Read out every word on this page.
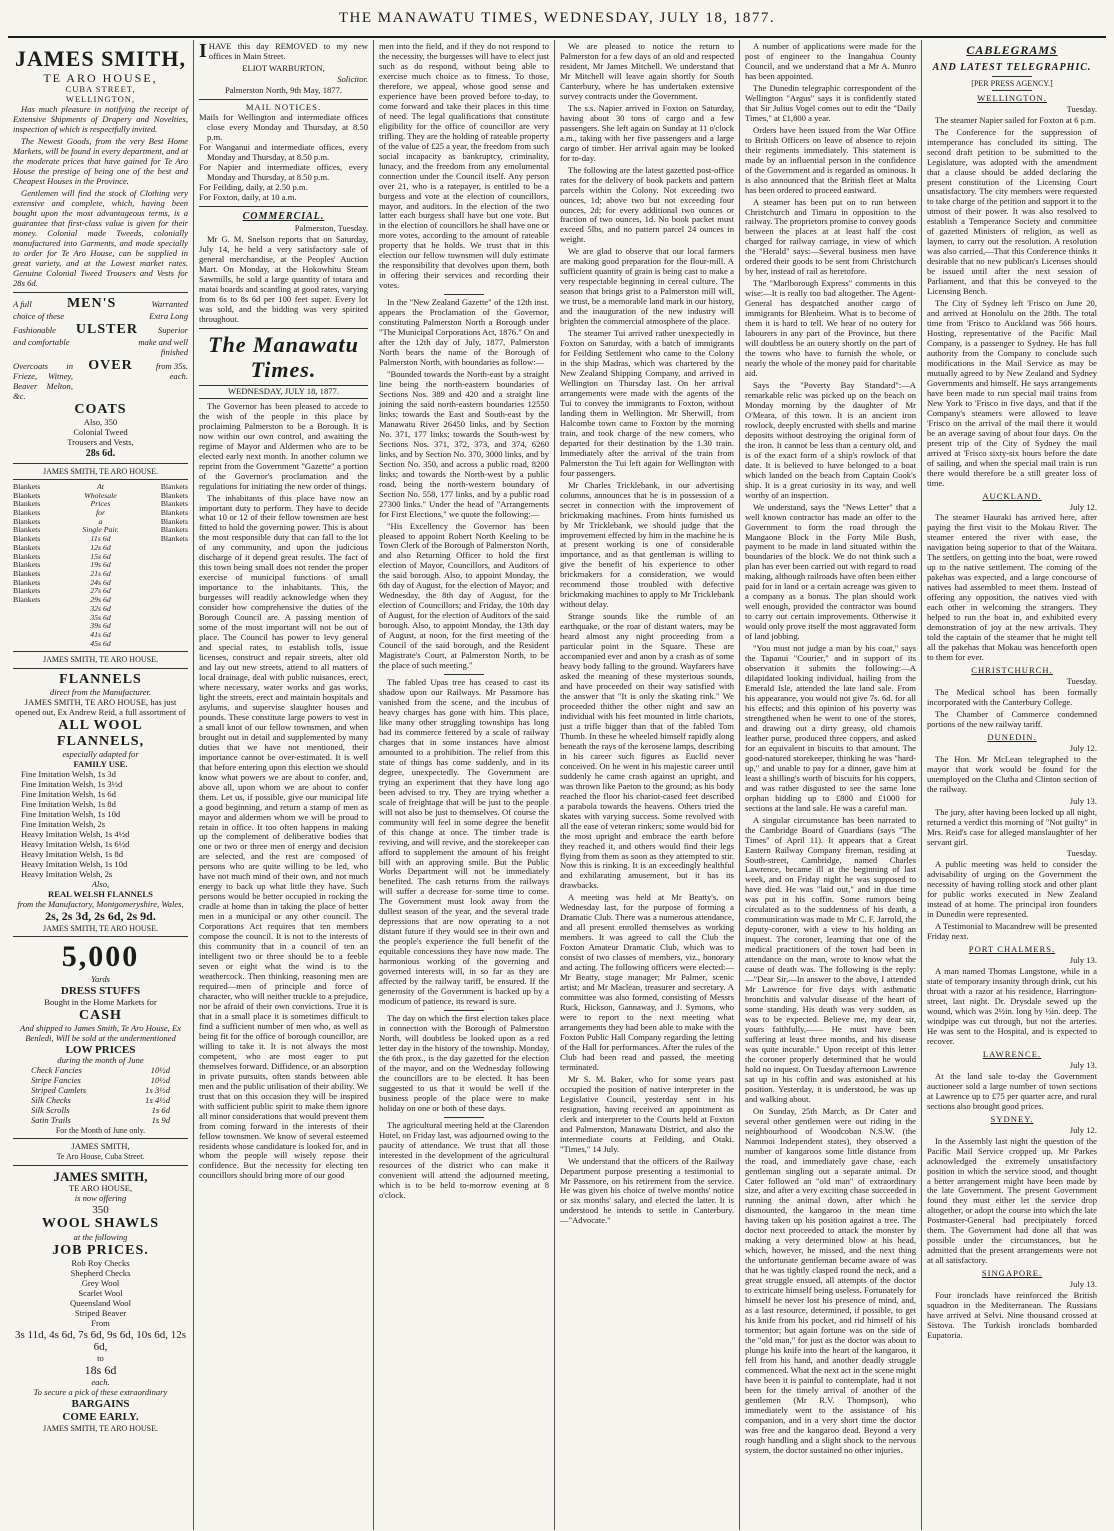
THE MANAWATU TIMES, WEDNESDAY, JULY 18, 1877.
JAMES SMITH,
TE ARO HOUSE,
CUBA STREET,
WELLINGTON,

Has much pleasure in notifying the receipt of Extensive Shipments of Drapery and Novelties, inspection of which is respectfully invited.

The Newest Goods, from the very Best Home Markets, will be found in every department, and at the moderate prices that have gained for Te Aro House the prestige of being one of the best and Cheapest Houses in the Province.

Gentlemen will find the stock of Clothing very extensive and complete, which, having been bought upon the most advantageous terms, is a guarantee that first-class value is given for their money. Colonial made Tweeds, colonially manufactured into Garments, and made specially to order for Te Aro House, can be supplied in great variety, and at the Lowest market rates. Genuine Colonial Tweed Trousers and Vests for 28s 6d.

A full	MEN'S	Warranted
choice of these	Extra Long
Fashionable ULSTER Superior
and comfortable	make and well finished
Overcoats in Frieze, Witney, Beaver Melton, &c.
OVER	from 35s. each.
COATS
Also, 350
Colonial Tweed
Trousers and Vests,
28s 6d.
JAMES SMITH, TE ARO HOUSE.
Blankets
Blankets
Blankets
Blankets
Blankets
Blankets
Blankets
Blankets
Blankets
Blankets
Blankets
Blankets
Blankets
Blankets
At
Wholesale
Prices
for
a
Single Pair.
11s 6d
12s 6d
15s 6d
19s 6d
21s 6d
24s 6d
27s 6d
29s 6d
32s 6d
35s 6d
39s 6d
41s 6d
45s 6d
Blankets
Blankets
Blankets
Blankets
Blankets
Blankets
Blankets
JAMES SMITH, TE ARO HOUSE.
FLANNELS
direct from the Manufacturer.
JAMES SMITH, TE ARO HOUSE, has just opened out, Ex Andrew Reid, a full assortment of
ALL WOOL FLANNELS,
especially adapted for
FAMILY USE.
Fine Imitation Welsh, 1s 3d
Fine Imitation Welsh, 1s 3½d
Fine Imitation Welsh, 1s 6d
Fine Imitation Welsh, 1s 8d
Fine Imitation Welsh, 1s 10d
Fine Imitation Welsh, 2s
Heavy Imitation Welsh, 1s 4½d
Heavy Imitation Welsh, 1s 6½d
Heavy Imitation Welsh, 1s 8d
Heavy Imitation Welsh, 1s 10d
Heavy Imitation Welsh, 2s
Also,
REAL WELSH FLANNELS
from the Manufactory, Montgomeryshire, Wales,
2s, 2s 3d, 2s 6d, 2s 9d.
JAMES SMITH, TE ARO HOUSE.
5,000
Yards
DRESS STUFFS
Bought in the Home Markets for
CASH
And shipped to James Smith, Te Aro House, Ex Benledi, Will be sold at the undermentioned
LOW PRICES
during the month of June
Check Fancies	10½d
Stripe Fancies	10½d
Striped Camlets	1s 3½d
Silk Checks	1s 4½d
Silk Scrolls	1s 6d
Satin Trails	1s 9d
For the Month of June only.
JAMES SMITH,
Te Aro House, Cuba Street.
JAMES SMITH,
TE ARO HOUSE,
is now offering
350
WOOL SHAWLS
at the following
JOB PRICES.
Rob Roy Checks
Shepherd Checks
Grey Wool
Scarlet Wool
Queensland Wool
Striped Beaver
From
3s 11d, 4s 6d, 7s 6d, 9s 6d, 10s 6d, 12s 6d,
to
18s 6d
each.
To secure a pick of these extraordinary
BARGAINS
COME EARLY.
JAMES SMITH, TE ARO HOUSE.

IHAVE this day REMOVED to my new offices in Main Street.

ELIOT WARBURTON,
Solicitor.
Palmerston North, 9th May, 1877.
MAIL NOTICES.
Mails for Wellington and intermediate offices close every Monday and Thursday, at 8.50 p.m.
For Wanganui and intermediate offices, every Monday and Thursday, at 8.50 p.m.
For Napier and intermediate offices, every Monday and Thursday, at 8.50 p.m.
For Feilding, daily, at 2.50 p.m.
For Foxton, daily, at 10 a.m.
COMMERCIAL.
Palmerston, Tuesday.

Mr G. M. Snelson reports that on Saturday, July 14, he held a very satisfactory sale of general merchandise, at the Peoples' Auction Mart. On Monday, at the Hokowhitu Steam Sawmills, he sold a large quantity of totara and matai boards and scantling at good rates, varying from 6s to 8s 6d per 100 feet super. Every lot was sold, and the bidding was very spirited throughout.

The Manawatu Times.
WEDNESDAY, JULY 18, 1877.

The Governor has been pleased to accede to the wish of the people in this place by proclaiming Palmerston to be a Borough. It is now within our own control, and awaiting the regime of Mayor and Aldermen who are to be elected early next month. In another column we reprint from the Government "Gazette" a portion of the Governor's proclamation and the regulations for initiating the new order of things.

The inhabitants of this place have now an important duty to perform. They have to decide what 10 or 12 of their fellow townsmen are best fitted to hold the governing power. This is about the most responsible duty that can fall to the lot of any community, and upon the judicious discharge of it depend great results. The fact of this town being small does not render the proper exercise of municipal functions of small importance to the inhabitants. This, the burgesses will readily acknowledge when they consider how comprehensive the duties of the Borough Council are. A passing mention of some of the most important will not be out of place. The Council has power to levy general and special rates, to establish tolls, issue licenses, construct and repair streets, alter old and lay out new streets, attend to all matters of local drainage, deal with public nuisances, erect, where necessary, water works and gas works, light the streets, erect and maintain hospitals and asylums, and supervise slaughter houses and pounds. These constitute large powers to vest in a small knot of our fellow townsmen, and when brought out in detail and supplemented by many duties that we have not mentioned, their importance cannot be over-estimated. It is well that before entering upon this election we should know what powers we are about to confer, and, above all, upon whom we are about to confer them. Let us, if possible, give our municipal life a good beginning, and return a stamp of men as mayor and aldermen whom we will be proud to retain in office. It too often happens in making up the complement of deliberative bodies that one or two or three men of energy and decision are selected, and the rest are composed of persons who are quite willing to be led, who have not much mind of their own, and not much energy to back up what little they have. Such persons would be better occupied in rocking the cradle at home than in taking the place of better men in a municipal or any other council. The Corporations Act requires that ten members compose the council. It is not to the interests of this community that in a council of ten an intelligent two or three should be to a feeble seven or eight what the wind is to the weathercock. Then thinking, reasoning men are required—men of principle and force of character, who will neither truckle to a prejudice, nor be afraid of their own convictions. True it is that in a small place it is sometimes difficult to find a sufficient number of men who, as well as being fit for the office of borough councillor, are willing to take it. It is not always the most competent, who are most eager to put themselves forward. Diffidence, or an absorption in private pursuits, often stands between able men and the public utilisation of their ability. We trust that on this occasion they will be inspired with sufficient public spirit to make them ignore all minor considerations that would prevent them from coming forward in the interests of their fellow townsmen. We know of several esteemed residents whose candidature is looked for, and in whom the people will wisely repose their confidence. But the necessity for electing ten councillors should bring more of our good

men into the field, and if they do not respond to the necessity, the burgesses will have to elect just such as do respond, without being able to exercise much choice as to fitness. To those, therefore, we appeal, whose good sense and experience have been proved before to-day, to come forward and take their places in this time of need. The legal qualifications that constitute eligibility for the office of councillor are very trifling. They are the holding of rateable property of the value of £25 a year, the freedom from such social incapacity as bankruptcy, criminality, lunacy, and the freedom from any emolumental connection under the Council itself. Any person over 21, who is a ratepayer, is entitled to be a burgess and vote at the election of councillors, mayor, and auditors. In the election of the two latter each burgess shall have but one vote. But in the election of councillors he shall have one or more votes, according to the amount of rateable property that he holds. We trust that in this election our fellow townsmen will duly estimate the responsibility that devolves upon them, both in offering their services and recording their votes.

In the "New Zealand Gazette" of the 12th inst. appears the Proclamation of the Governor, constituting Palmerston North a Borough under "The Municipal Corporations Act, 1876." On and after the 12th day of July, 1877, Palmerston North bears the name of the Borough of Palmerston North, with boundaries as follow:—

"Bounded towards the North-east by a straight line being the north-eastern boundaries of Sections Nos. 389 and 420 and a straight line joining the said north-eastern boundaries 12550 links; towards the East and South-east by the Manawatu River 26450 links, and by Section No. 371, 177 links; towards the South-west by Sections Nos. 371, 372, 373, and 374, 6260 links, and by Section No. 370, 3000 links, and by Section No. 350, and across a public road, 8200 links; and towards the North-west by a public road, being the north-western boundary of Section No. 558, 177 links, and by a public road 27300 links." Under the head of "Arrangements for First Elections," we quote the following:—

"His Excellency the Governor has been pleased to appoint Robert North Keeling to be Town Clerk of the Borough of Palmerston North, and also Returning Officer to hold the first election of Mayor, Councillors, and Auditors of the said borough. Also, to appoint Monday, the 6th day of August, for the election of Mayor; and Wednesday, the 8th day of August, for the election of Councillors; and Friday, the 10th day of August, for the election of Auditors of the said borough. Also, to appoint Monday, the 13th day of August, at noon, for the first meeting of the Council of the said borough, and the Resident Magistrate's Court, at Palmerston North, to be the place of such meeting."

The fabled Upas tree has ceased to cast its shadow upon our Railways. Mr Passmore has vanished from the scene, and the incubus of heavy charges has gone with him. This place, like many other struggling townships has long had its commerce fettered by a scale of railway charges that in some instances have almost amounted to a prohibition. The relief from this state of things has come suddenly, and in its degree, unexpectedly. The Government are trying an experiment that they have long ago been advised to try. They are trying whether a scale of freightage that will be just to the people will not also be just to themselves. Of course the community will feel in some degree the benefit of this change at once. The timber trade is reviving, and will revive, and the storekeeper can afford to supplement the amount of his freight bill with an approving smile. But the Public Works Department will not be immediately benefited. The cash returns from the railways will suffer a decrease for some time to come. The Government must look away from the dullest season of the year, and the several trade depressions that are now operating to a not distant future if they would see in their own and the people's experience the full benefit of the equitable concessions they have now made. The harmonious working of the governing and governed interests will, in so far as they are affected by the railway tariff, be ensured. If the generosity of the Government is backed up by a modicum of patience, its reward is sure.

The day on which the first election takes place in connection with the Borough of Palmerston North, will doubtless be looked upon as a red letter day in the history of the township. Monday, the 6th prox., is the day gazetted for the election of the mayor, and on the Wednesday following the councillors are to be elected. It has been suggested to us that it would be well if the business people of the place were to make holiday on one or both of these days.

The agricultural meeting held at the Clarendon Hotel, on Friday last, was adjourned owing to the paucity of attendance. We trust that all those interested in the development of the agricultural resources of the district who can make it convenient will attend the adjourned meeting, which is to be held to-morrow evening at 8 o'clock.

We are pleased to notice the return to Palmerston for a few days of an old and respected resident, Mr James Mitchell. We understand that Mr Mitchell will leave again shortly for South Canterbury, where he has undertaken extensive survey contracts under the Government.

The s.s. Napier arrived in Foxton on Saturday, having about 30 tons of cargo and a few passengers. She left again on Sunday at 11 o'clock a.m., taking with her five passengers and a large cargo of timber. Her arrival again may be looked for to-day.

The following are the latest gazetted post-office rates for the delivery of book packets and pattern parcels within the Colony. Not exceeding two ounces, 1d; above two but not exceeding four ounces, 2d; for every additional two ounces or fraction of two ounces, 1d. No book packet must exceed 5lbs, and no pattern parcel 24 ounces in weight.

We are glad to observe that our local farmers are making good preparation for the flour-mill. A sufficient quantity of grain is being cast to make a very respectable beginning in cereal culture. The season that brings grist to a Palmerston mill will, we trust, be a memorable land mark in our history, and the inauguration of the new industry will brighten the commercial atmosphere of the place.

The steamer Tui arrived rather unexpectedly in Foxton on Saturday, with a batch of immigrants for Feilding Settlement who came to the Colony in the ship Madras, which was chartered by the New Zealand Shipping Company, and arrived in Wellington on Thursday last. On her arrival arrangements were made with the agents of the Tui to convey the immigrants to Foxton, without landing them in Wellington. Mr Sherwill, from Halcombe town came to Foxton by the morning train, and took charge of the new comers, who departed for their destination by the 1.30 train. Immediately after the arrival of the train from Palmerston the Tui left again for Wellington with four passengers.

Mr Charles Tricklebank, in our advertising columns, announces that he is in possession of a secret in connection with the improvement of brickmaking machines. From hints furnished us by Mr Tricklebank, we should judge that the improvement effected by him in the machine he is at present working is one of considerable importance, and as that gentleman is willing to give the benefit of his experience to other brickmakers for a consideration, we would recommend those troubled with defective brickmaking machines to apply to Mr Tricklebank without delay.

Strange sounds like the rumble of an earthquake, or the roar of distant waters, may be heard almost any night proceeding from a particular point in the Square. These are accompanied ever and anon by a crash as of some heavy body falling to the ground. Wayfarers have asked the meaning of these mysterious sounds, and have proceeded on their way satisfied with the answer that "It is only the skating rink." We proceeded thither the other night and saw an individual with his feet mounted in little chariots, just a trifle bigger than that of the fabled Tom Thumb. In these he wheeled himself rapidly along beneath the rays of the kerosene lamps, describing in his career such figures as Euclid never conceived. On he went in his majestic career until suddenly he came crash against an upright, and was thrown like Paeton to the ground; as his body reached the floor his chariot-cased feet described a parabola towards the heavens. Others tried the skates with varying success. Some revolved with all the ease of veteran rinkers; some would bid for the most upright and embrace the earth before they reached it, and others would find their legs flying from them as soon as they attempted to stir. Now this is rinking. It is an exceedingly healthful and exhilarating amusement, but it has its drawbacks.

A meeting was held at Mr Beatty's, on Wednesday last, for the purpose of forming a Dramatic Club. There was a numerous attendance, and all present enrolled themselves as working members. It was agreed to call the Club the Foxton Amateur Dramatic Club, which was to consist of two classes of members, viz., honorary and acting. The following officers were elected:—Mr Beatty, stage manager; Mr Palmer, scenic artist; and Mr Maclean, treasurer and secretary. A committee was also formed, consisting of Messrs Ruck, Hickson, Gannaway, and J. Symons, who were to report to the next meeting what arrangements they had been able to make with the Foxton Public Hall Company regarding the letting of the Hall for performances. After the rules of the Club had been read and passed, the meeting terminated.

Mr S. M. Baker, who for some years past occupied the position of native interpreter in the Legislative Council, yesterday sent in his resignation, having received an appointment as clerk and interpreter to the Courts held at Foxton and Palmerston, Manawatu District, and also the intermediate courts at Feilding, and Otaki. "Times," 14 July.

We understand that the officers of the Railway Department purpose presenting a testimonial to Mr Passmore, on his retirement from the service. He was given his choice of twelve months' notice or six months' salary, and elected the latter. It is understood he intends to settle in Canterbury.—"Advocate."

A number of applications were made for the post of engineer to the Inangahua County Council, and we understand that a Mr A. Munro has been appointed.

The Dunedin telegraphic correspondent of the Wellington "Argus" says it is confidently stated that Sir Julius Vogel comes out to edit the "Daily Times," at £1,800 a year.

Orders have been issued from the War Office to British Officers on leave of absence to rejoin their regiments immediately. This statement is made by an influential person in the confidence of the Government and is regarded as ominous. It is also announced that the British fleet at Malta has been ordered to proceed eastward.

A steamer has been put on to run between Christchurch and Timaru in opposition to the railway. The proprietors promise to convey goods between the places at at least half the cost charged for railway carriage, in view of which the "Herald" says:—Several business men have ordered their goods to be sent from Christchurch by her, instead of rail as heretofore.

The "Marlborough Express" comments in this wise:—It is really too bad altogether. The Agent-General has despatched another cargo of immigrants for Blenheim. What is to become of them it is hard to tell. We hear of no outery for labourers in any part of the Province, but there will doubtless be an outery shortly on the part of the towns who have to furnish the whole, or nearly the whole of the money paid for charitable aid.

Says the "Poverty Bay Standard":—A remarkable relic was picked up on the beach on Monday morning by the daughter of Mr O'Meara, of this town. It is an ancient iron rowlock, deeply encrusted with shells and marine deposits without destroying the original form of the iron. It cannot be less than a century old, and is of the exact form of a ship's rowlock of that date. It is believed to have belonged to a boat which landed on the beach from Captain Cook's ship. It is a great curiosity in its way, and well worthy of an inspection.

We understand, says the "News Letter" that a well known contractor has made an offer to the Government to form the road through the Mangaone Block in the Forty Mile Bush, payment to be made in land situated within the boundaries of the block. We do not think such a plan has ever been carried out with regard to road making, although railroads have often been either paid for in land or a certain acreage was given to a company as a bonus. The plan should work well enough, provided the contractor was bound to carry out certain improvements. Otherwise it would only prove itself the most aggravated form of land jobbing.

"You must not judge a man by his coat," says the Tapanui "Courier," and in support of its observation it submits the following:—A dilapidated looking individual, hailing from the Emerald Isle, attended the late land sale. From his appearance, you would not give 7s. 6d. for all his effects; and this opinion of his poverty was strengthened when he went to one of the stores, and drawing out a dirty greasy, old chamois leather purse, produced three coppers, and asked for an equivalent in biscuits to that amount. The good-natured storekeeper, thinking he was "hard-up," and unable to pay for a dinner, gave him at least a shilling's worth of biscuits for his coppers, and was rather disgusted to see the same lone orphan bidding up to £800 and £1000 for sections at the land sale. He was a careful man.

A singular circumstance has been narrated to the Cambridge Board of Guardians (says "The Times" of April 11). It appears that a Great Eastern Railway Company fireman, residing at South-street, Cambridge, named Charles Lawrence, became ill at the beginning of last week, and on Friday night he was supposed to have died. He was "laid out," and in due time was put in his coffin. Some rumors being circulated as to the suddenness of his death, a communication was made to Mr C. F. Jarrold, the deputy-coroner, with a view to his holding an inquest. The coroner, learning that one of the medical practitioners of the town had been in attendance on the man, wrote to know what the cause of death was. The following is the reply:—"Dear Sir,—In answer to the above, I attended Mr Lawrence for five days with asthmatic bronchitis and valvular disease of the heart of some standing. His death was very sudden, as was to be expected. Believe me, my dear sir, yours faithfully,—— He must have been suffering at least three months, and his disease was quite incurable." Upon receipt of this letter the coroner properly determined that he would hold no inquest. On Tuesday afternoon Lawrence sat up in his coffin and was astonished at his position. Yesterday, it is understood, he was up and walking about.

On Sunday, 25th March, as Dr Cater and several other gentlemen were out riding in the neighbourhood of Woodcoban N.S.W. (the Nammoi Independent states), they observed a number of kangaroos some little distance from the road, and immediately gave chase, each gentleman singling out a separate animal. Dr Cater followed an "old man" of extraordinary size, and after a very exciting chase succeeded in running the animal down, after which he dismounted, the kangaroo in the mean time having taken up his position against a tree. The doctor next proceeded to attack the monster by making a very determined blow at his head, which, however, he missed, and the next thing the unfortunate gentleman became aware of was that he was tightly clasped round the neck, and a great struggle ensued, all attempts of the doctor to extricate himself being useless. Fortunately for himself he never lost his presence of mind, and, as a last resource, determined, if possible, to get his knife from his pocket, and rid himself of his tormentor; but again fortune was on the side of the "old man," for just as the doctor was about to plunge his knife into the heart of the kangaroo, it fell from his hand, and another deadly struggle commenced. What the next act in the scene might have been it is painful to contemplate, had it not been for the timely arrival of another of the gentlemen (Mr R.V. Thompson), who immediately went to the assistance of his companion, and in a very short time the doctor was free and the kangaroo dead. Beyond a very rough handling and a slight shock to the nervous system, the doctor sustained no other injuries.

CABLEGRAMS
AND LATEST TELEGRAPHIC.
[PER PRESS AGENCY.]
WELLINGTON.
Tuesday.

The steamer Napier sailed for Foxton at 6 p.m.

The Conference for the suppression of intemperance has concluded its sitting. The second draft petition to be submitted to the Legislature, was adopted with the amendment that a clause should be added declaring the present constitution of the Licensing Court unsatisfactory. The city members were requested to take charge of the petition and support it to the utmost of their power. It was also resolved to establish a Temperance Society and committee of gazetted Ministers of religion, as well as laymen, to carry out the resolution. A resolution was also carried,—That this Conference thinks it desirable that no new publican's Licenses should be issued until after the next session of Parliament, and that this be conveyed to the Licensing Bench.

The City of Sydney left 'Frisco on June 20, and arrived at Honolulu on the 28th. The total time from 'Frisco to Auckland was 566 hours. Hosting, representative of the Pacific Mail Company, is a passenger to Sydney. He has full authority from the Company to conclude such modifications in the Mail Service as may be mutually agreed to by New Zealand and Sydney Governments and himself. He says arrangements have been made to run special mail trains from New York to 'Frisco in five days, and that if the Company's steamers were allowed to leave 'Frisco on the arrival of the mail there it would be an average saving of about four days. On the present trip of the City of Sydney the mail arrived at 'Frisco sixty-six hours before the date of sailing, and when the special mail train is run there would therefore be a still greater loss of time.

AUCKLAND.
July 12.

The steamer Hauraki has arrived here, after paying the first visit to the Mokau River. The steamer entered the river with ease, the navigation being superior to that of the Waitara. The settlers, on getting into the boat, were rowed up to the native settlement. The coming of the pakehas was expected, and a large concourse of natives had assembled to meet them. Instead of offering any opposition, the natives vied with each other in welcoming the strangers. They helped to run the boat in, and exhibited every demonstration of joy at the new arrivals. They told the captain of the steamer that he might tell all the pakehas that Mokau was henceforth open to them for ever.

CHRISTCHURCH.
Tuesday.

The Medical school has been formally incorporated with the Canterbury College.

The Chamber of Commerce condemned portions of the new railway tariff.

DUNEDIN.
July 12.

The Hon. Mr McLean telegraphed to the mayor that work would be found for the unemployed on the Clutha and Clinton section of the railway.

July 13.

The jury, after having been locked up all night, returned a verdict this morning of "Not guilty" in Mrs. Reid's case for alleged manslaughter of her servant girl.

Tuesday.

A public meeting was held to consider the advisability of urging on the Government the necessity of having rolling stock and other plant for public works executed in New Zealand instead of at home. The principal iron founders in Dunedin were represented.

A Testimonial to Macandrew will be presented Friday next.

PORT CHALMERS.
July 13.

A man named Thomas Langstone, while in a state of temporary insanity through drink, cut his throat with a razor at his residence, Harrington-street, last night. Dr. Drysdale sewed up the wound, which was 2½in. long by ½in. deep. The windpipe was cut through, but not the arteries. He was sent to the Hospital, and is expected to recover.

LAWRENCE.
July 13.

At the land sale to-day the Government auctioneer sold a large number of town sections at Lawrence up to £75 per quarter acre, and rural sections also brought good prices.

SYDNEY.
July 12.

In the Assembly last night the question of the Pacific Mail Service cropped up. Mr Parkes acknowledged the extremely unsatisfactory position in which the service stood, and thought a better arrangement might have been made by the late Government. The present Government found they must either let the service drop altogether, or adopt the course into which the late Postmaster-General had precipitately forced them. The Government had done all that was possible under the circumstances, but he admitted that the present arrangements were not at all satisfactory.

SINGAPORE.
July 13.

Four ironclads have reinforced the British squadron in the Mediterranean. The Russians have arrived at Selvi. Nine thousand crossed at Sistova. The Turkish ironclads bombarded Eupatoria.
